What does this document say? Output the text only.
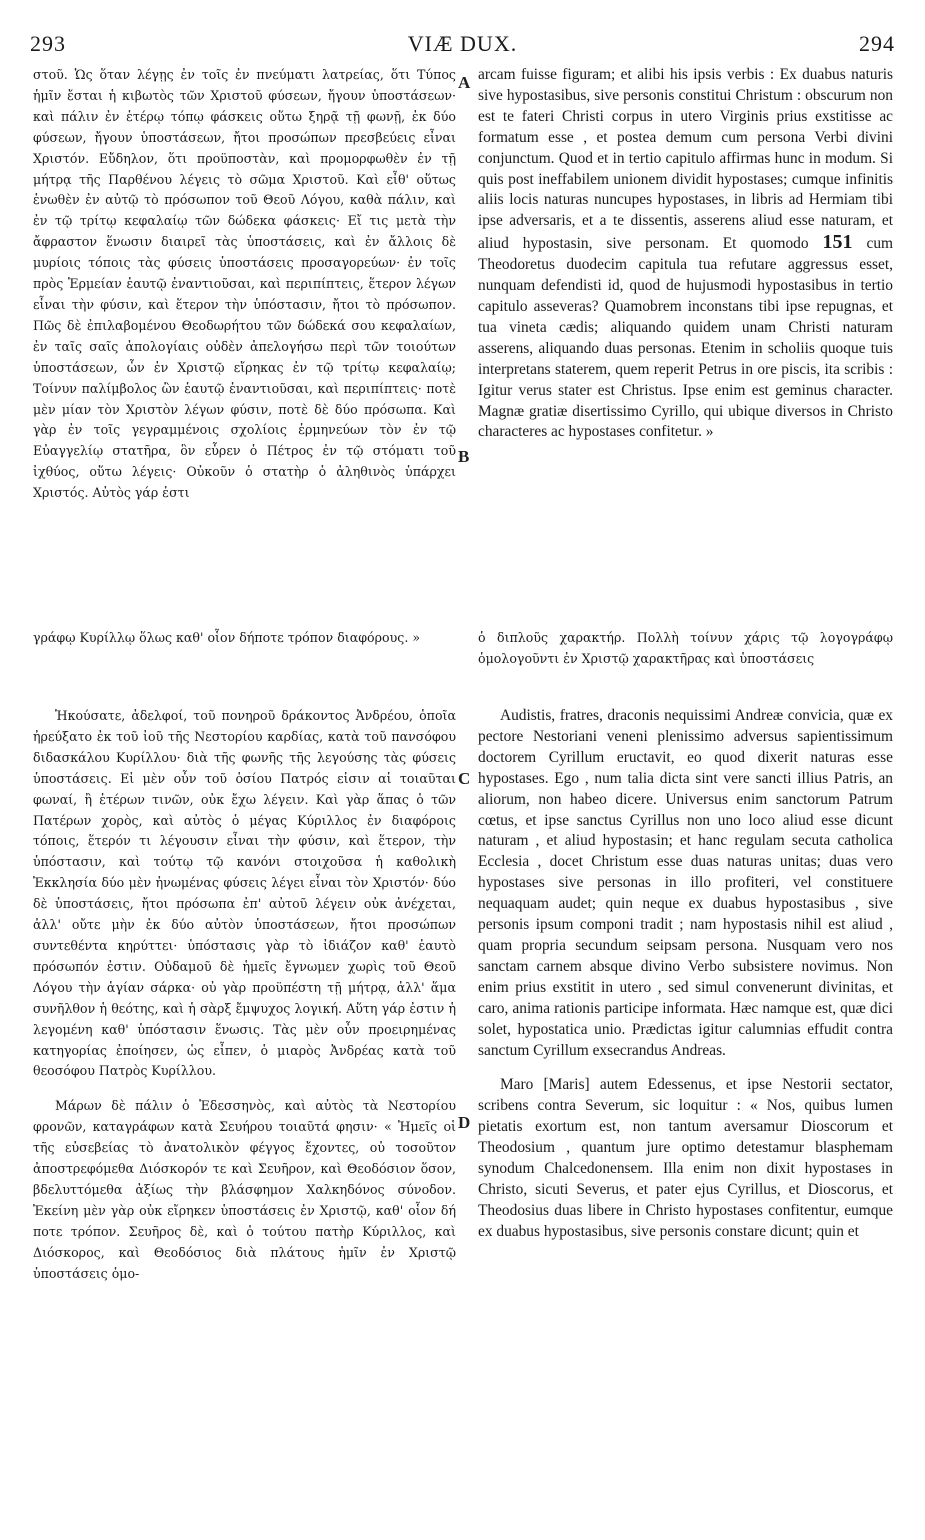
293	VIÆ DUX.	294

στοῦ. Ὡς ὅταν λέγῃς ἐν τοῖς ἐν πνεύματι λατρείας, ὅτι Τύπος ἡμῖν ἔσται ἡ κιβωτὸς τῶν Χριστοῦ φύσεων, ἤγουν ὑποστάσεων· καὶ πάλιν ἐν ἑτέρῳ τόπῳ φάσκεις οὕτω ξηρᾷ τῇ φωνῇ, ἐκ δύο φύσεων, ἤγουν ὑποστάσεων, ἤτοι προσώπων πρεσβεύεις εἶναι Χριστόν. Εὔδηλον, ὅτι προϋποστὰν, καὶ προμορφωθὲν ἐν τῇ μήτρᾳ τῆς Παρθένου λέγεις τὸ σῶμα Χριστοῦ. Καὶ εἶθ' οὕτως ἑνωθὲν ἐν αὐτῷ τὸ πρόσωπον τοῦ Θεοῦ Λόγου, καθὰ πάλιν, καὶ ἐν τῷ τρίτῳ κεφαλαίῳ τῶν δώδεκα φάσκεις· Εἴ τις μετὰ τὴν ἄφραστον ἕνωσιν διαιρεῖ τὰς ὑποστάσεις, καὶ ἐν ἄλλοις δὲ μυρίοις τόποις τὰς φύσεις ὑποστάσεις προσαγορεύων· ἐν τοῖς πρὸς Ἑρμείαν ἑαυτῷ ἐναντιοῦσαι, καὶ περιπίπτεις, ἕτερον λέγων εἶναι τὴν φύσιν, καὶ ἕτερον τὴν ὑπόστασιν, ἤτοι τὸ πρόσωπον. Πῶς δὲ ἐπιλαβομένου Θεοδωρήτου τῶν δώδεκά σου κεφαλαίων, ἐν ταῖς σαῖς ἀπολογίαις οὐδὲν ἀπελογήσω περὶ τῶν τοιούτων ὑποστάσεων, ὧν ἐν Χριστῷ εἴρηκας ἐν τῷ τρίτῳ κεφαλαίῳ; Τοίνυν παλίμβολος ὢν ἑαυτῷ ἐναντιοῦσαι, καὶ περιπίπτεις· ποτὲ μὲν μίαν τὸν Χριστὸν λέγων φύσιν, ποτὲ δὲ δύο πρόσωπα. Καὶ γὰρ ἐν τοῖς γεγραμμένοις σχολίοις ἑρμηνεύων τὸν ἐν τῷ Εὐαγγελίῳ στατῆρα, ὃν εὗρεν ὁ Πέτρος ἐν τῷ στόματι τοῦ ἰχθύος, οὕτω λέγεις· Οὐκοῦν ὁ στατὴρ ὁ ἀληθινὸς ὑπάρχει Χριστός. Αὐτὸς γάρ ἐστι

arcam fuisse figuram; et alibi his ipsis verbis : Ex duabus naturis sive hypostasibus, sive personis constitui Christum : obscurum non est te fateri Christi corpus in utero Virginis prius exstitisse ac formatum esse , et postea demum cum persona Verbi divini conjunctum. Quod et in tertio capitulo affirmas hunc in modum. Si quis post ineffabilem unionem dividit hypostases; cumque infinitis aliis locis naturas nuncupes hypostases, in libris ad Hermiam tibi ipse adversaris, et a te dissentis, asserens aliud esse naturam, et aliud hypostasin, sive personam. Et quomodo 151 cum Theodoretus duodecim capitula tua refutare aggressus esset, nunquam defendisti id, quod de hujusmodi hypostasibus in tertio capitulo asseveras? Quamobrem inconstans tibi ipse repugnas, et tua vineta cædis; aliquando quidem unam Christi naturam asserens, aliquando duas personas. Etenim in scholiis quoque tuis interpretans staterem, quem reperit Petrus in ore piscis, ita scribis : Igitur verus stater est Christus. Ipse enim est geminus character. Magnæ gratiæ disertissimo Cyrillo, qui ubique diversos in Christo characteres ac hypostases confitetur. »

γράφῳ Κυρίλλῳ ὅλως καθ' οἷον δήποτε τρόπον διαφόρους. »	ὁ διπλοῦς χαρακτήρ. Πολλὴ τοίνυν χάρις τῷ λογογράφῳ ὁμολογοῦντι ἐν Χριστῷ χαρακτῆρας καὶ ὑποστάσεις

Ἠκούσατε, ἀδελφοί, τοῦ πονηροῦ δράκοντος Ἀνδρέου, ὁποῖα ἠρεύξατο ἐκ τοῦ ἰοῦ τῆς Νεστορίου καρδίας, κατὰ τοῦ πανσόφου διδασκάλου Κυρίλλου· διὰ τῆς φωνῆς τῆς λεγούσης τὰς φύσεις ὑποστάσεις. Εἰ μὲν οὖν τοῦ ὁσίου Πατρός εἰσιν αἱ τοιαῦται φωναί, ἢ ἑτέρων τινῶν, οὐκ ἔχω λέγειν. Καὶ γὰρ ἅπας ὁ τῶν Πατέρων χορὸς, καὶ αὐτὸς ὁ μέγας Κύριλλος ἐν διαφόροις τόποις, ἕτερόν τι λέγουσιν εἶναι τὴν φύσιν, καὶ ἕτερον, τὴν ὑπόστασιν, καὶ τούτῳ τῷ κανόνι στοιχοῦσα ἡ καθολικὴ Ἐκκλησία δύο μὲν ἡνωμένας φύσεις λέγει εἶναι τὸν Χριστόν· δύο δὲ ὑποστάσεις, ἤτοι πρόσωπα ἐπ' αὐτοῦ λέγειν οὐκ ἀνέχεται, ἀλλ' οὔτε μὴν ἐκ δύο αὐτὸν ὑποστάσεων, ἤτοι προσώπων συντεθέντα κηρύττει· ὑπόστασις γὰρ τὸ ἰδιάζον καθ' ἑαυτὸ πρόσωπόν ἐστιν. Οὐδαμοῦ δὲ ἡμεῖς ἔγνωμεν χωρὶς τοῦ Θεοῦ Λόγου τὴν ἁγίαν σάρκα· οὐ γὰρ προϋπέστη τῇ μήτρᾳ, ἀλλ' ἅμα συνῆλθον ἡ θεότης, καὶ ἡ σὰρξ ἔμψυχος λογική. Αὕτη γάρ ἐστιν ἡ λεγομένη καθ' ὑπόστασιν ἕνωσις. Τὰς μὲν οὖν προειρημένας κατηγορίας ἐποίησεν, ὡς εἶπεν, ὁ μιαρὸς Ἀνδρέας κατὰ τοῦ θεοσόφου Πατρὸς Κυρίλλου.

Μάρων δὲ πάλιν ὁ Ἐδεσσηνὸς, καὶ αὐτὸς τὰ Νεστορίου φρονῶν, καταγράφων κατὰ Σευήρου τοιαῦτά φησιν· « Ἡμεῖς οἱ τῆς εὐσεβείας τὸ ἀνατολικὸν φέγγος ἔχοντες, οὐ τοσοῦτον ἀποστρεφόμεθα Διόσκορόν τε καὶ Σευῆρον, καὶ Θεοδόσιον ὅσον, βδελυττόμεθα ἀξίως τὴν βλάσφημον Χαλκηδόνος σύνοδον. Ἐκείνη μὲν γὰρ οὐκ εἴρηκεν ὑποστάσεις ἐν Χριστῷ, καθ' οἷον δή ποτε τρόπον. Σευῆρος δὲ, καὶ ὁ τούτου πατὴρ Κύριλλος, καὶ Διόσκορος, καὶ Θεοδόσιος διὰ πλάτους ἡμῖν ἐν Χριστῷ ὑποστάσεις ὁμο-

Audistis, fratres, draconis nequissimi Andreæ convicia, quæ ex pectore Nestoriani veneni plenissimo adversus sapientissimum doctorem Cyrillum eructavit, eo quod dixerit naturas esse hypostases. Ego , num talia dicta sint vere sancti illius Patris, an aliorum, non habeo dicere. Universus enim sanctorum Patrum cœtus, et ipse sanctus Cyrillus non uno loco aliud esse dicunt naturam , et aliud hypostasin; et hanc regulam secuta catholica Ecclesia , docet Christum esse duas naturas unitas; duas vero hypostases sive personas in illo profiteri, vel constituere nequaquam audet; quin neque ex duabus hypostasibus , sive personis ipsum componi tradit ; nam hypostasis nihil est aliud , quam propria secundum seipsam persona. Nusquam vero nos sanctam carnem absque divino Verbo subsistere novimus. Non enim prius exstitit in utero , sed simul convenerunt divinitas, et caro, anima rationis participe informata. Hæc namque est, quæ dici solet, hypostatica unio. Prædictas igitur calumnias effudit contra sanctum Cyrillum exsecrandus Andreas.

Maro [Maris] autem Edessenus, et ipse Nestorii sectator, scribens contra Severum, sic loquitur : « Nos, quibus lumen pietatis exortum est, non tantum aversamur Dioscorum et Theodosium , quantum jure optimo detestamur blasphemam synodum Chalcedonensem. Illa enim non dixit hypostases in Christo, sicuti Severus, et pater ejus Cyrillus, et Dioscorus, et Theodosius duas libere in Christo hypostases confitentur, eumque ex duabus hypostasibus, sive personis constare dicunt; quin et

A
B
C
D
